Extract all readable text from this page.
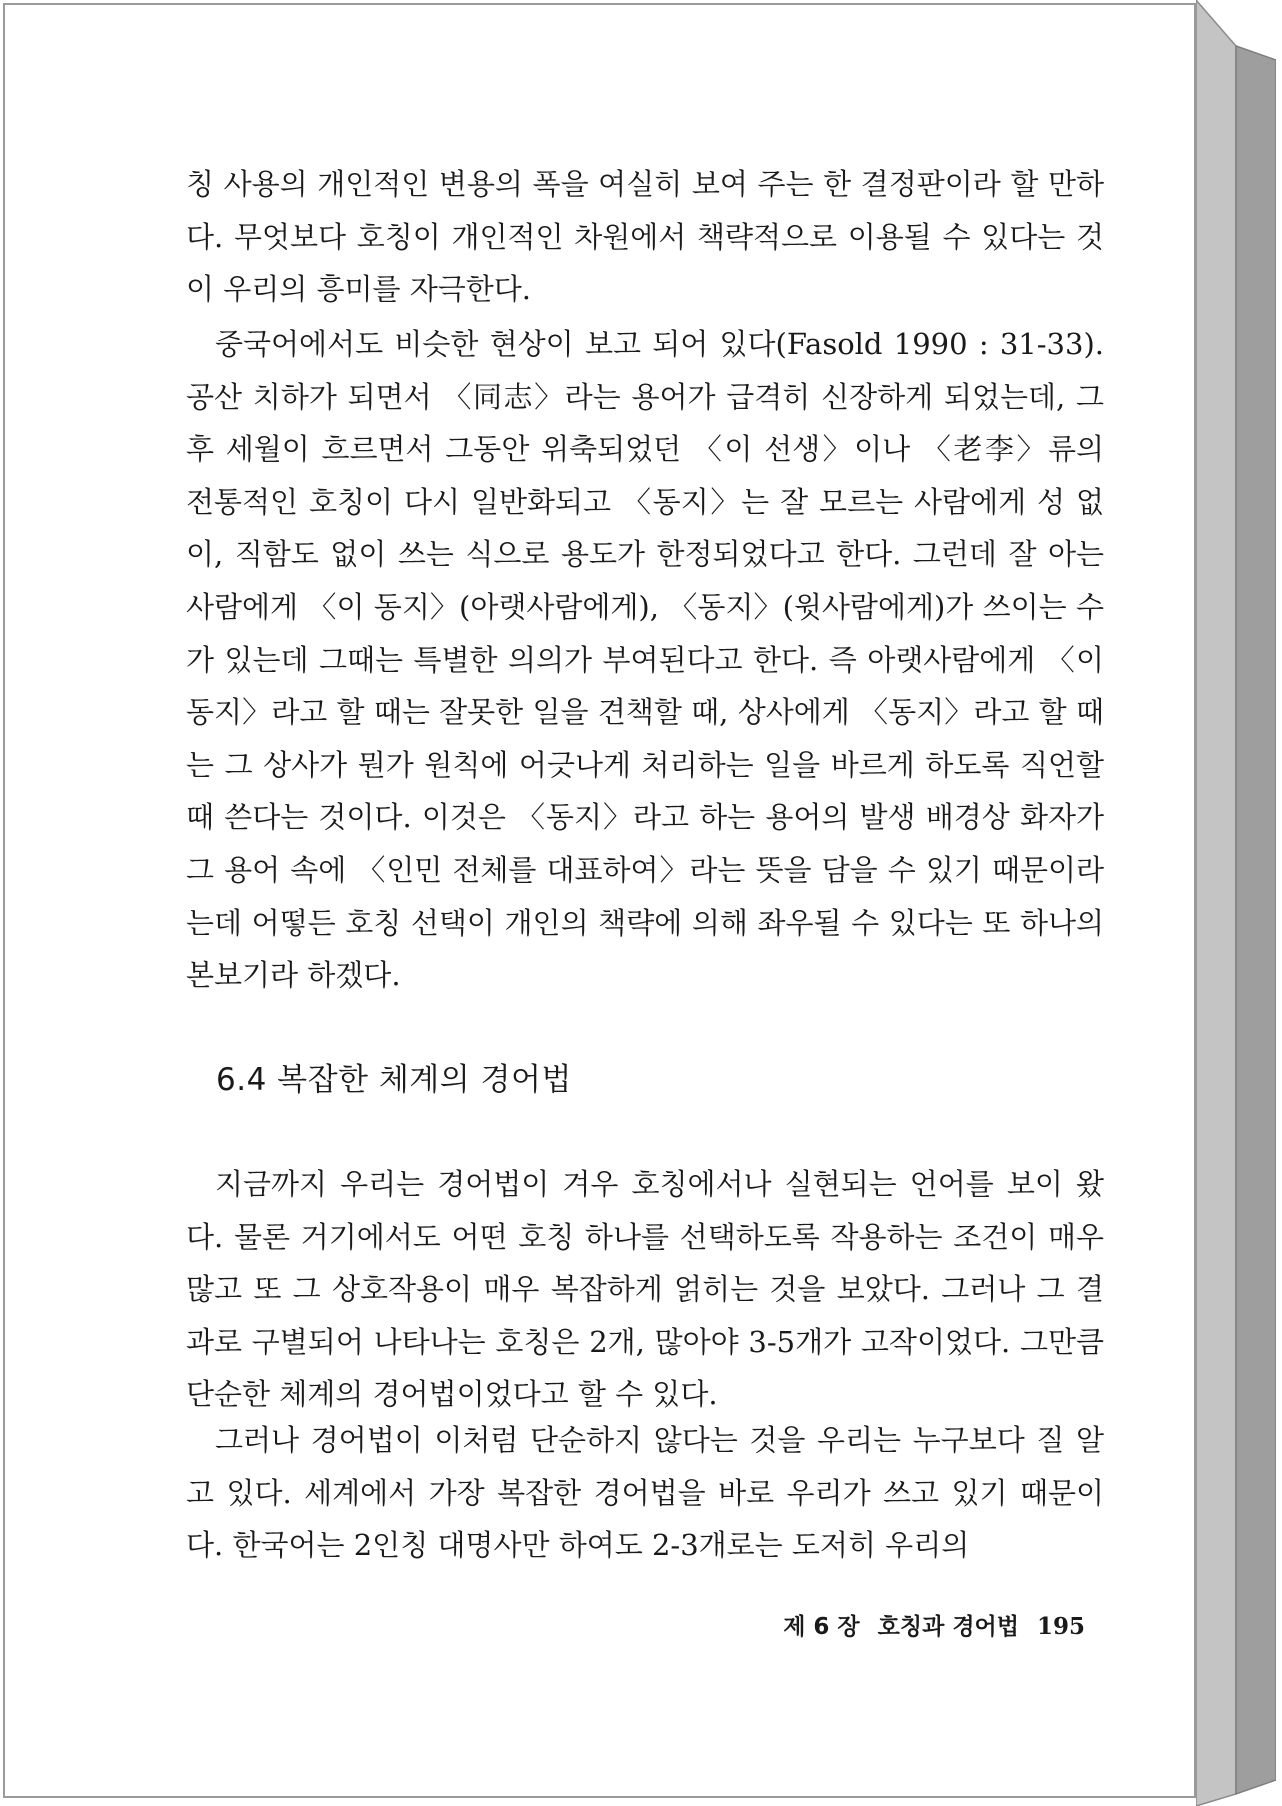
칭 사용의 개인적인 변용의 폭을 여실히 보여 주는 한 결정판이라 할 만하다. 무엇보다 호칭이 개인적인 차원에서 책략적으로 이용될 수 있다는 것이 우리의 흥미를 자극한다.

중국어에서도 비슷한 현상이 보고 되어 있다(Fasold 1990 : 31-33). 공산 치하가 되면서 〈同志〉라는 용어가 급격히 신장하게 되었는데, 그 후 세월이 흐르면서 그동안 위축되었던 〈이 선생〉이나 〈老李〉류의 전통적인 호칭이 다시 일반화되고 〈동지〉는 잘 모르는 사람에게 성 없이, 직함도 없이 쓰는 식으로 용도가 한정되었다고 한다. 그런데 잘 아는 사람에게 〈이 동지〉(아랫사람에게), 〈동지〉(윗사람에게)가 쓰이는 수가 있는데 그때는 특별한 의의가 부여된다고 한다. 즉 아랫사람에게 〈이 동지〉라고 할 때는 잘못한 일을 견책할 때, 상사에게 〈동지〉라고 할 때는 그 상사가 뭔가 원칙에 어긋나게 처리하는 일을 바르게 하도록 직언할 때 쓴다는 것이다. 이것은 〈동지〉라고 하는 용어의 발생 배경상 화자가 그 용어 속에 〈인민 전체를 대표하여〉라는 뜻을 담을 수 있기 때문이라는데 어떻든 호칭 선택이 개인의 책략에 의해 좌우될 수 있다는 또 하나의 본보기라 하겠다.

6.4 복잡한 체계의 경어법

지금까지 우리는 경어법이 겨우 호칭에서나 실현되는 언어를 보이 왔다. 물론 거기에서도 어떤 호칭 하나를 선택하도록 작용하는 조건이 매우 많고 또 그 상호작용이 매우 복잡하게 얽히는 것을 보았다. 그러나 그 결과로 구별되어 나타나는 호칭은 2개, 많아야 3-5개가 고작이었다. 그만큼 단순한 체계의 경어법이었다고 할 수 있다.

그러나 경어법이 이처럼 단순하지 않다는 것을 우리는 누구보다 질 알고 있다. 세계에서 가장 복잡한 경어법을 바로 우리가 쓰고 있기 때문이다. 한국어는 2인칭 대명사만 하여도 2-3개로는 도저히 우리의

제 6 장 호칭과 경어법 195
